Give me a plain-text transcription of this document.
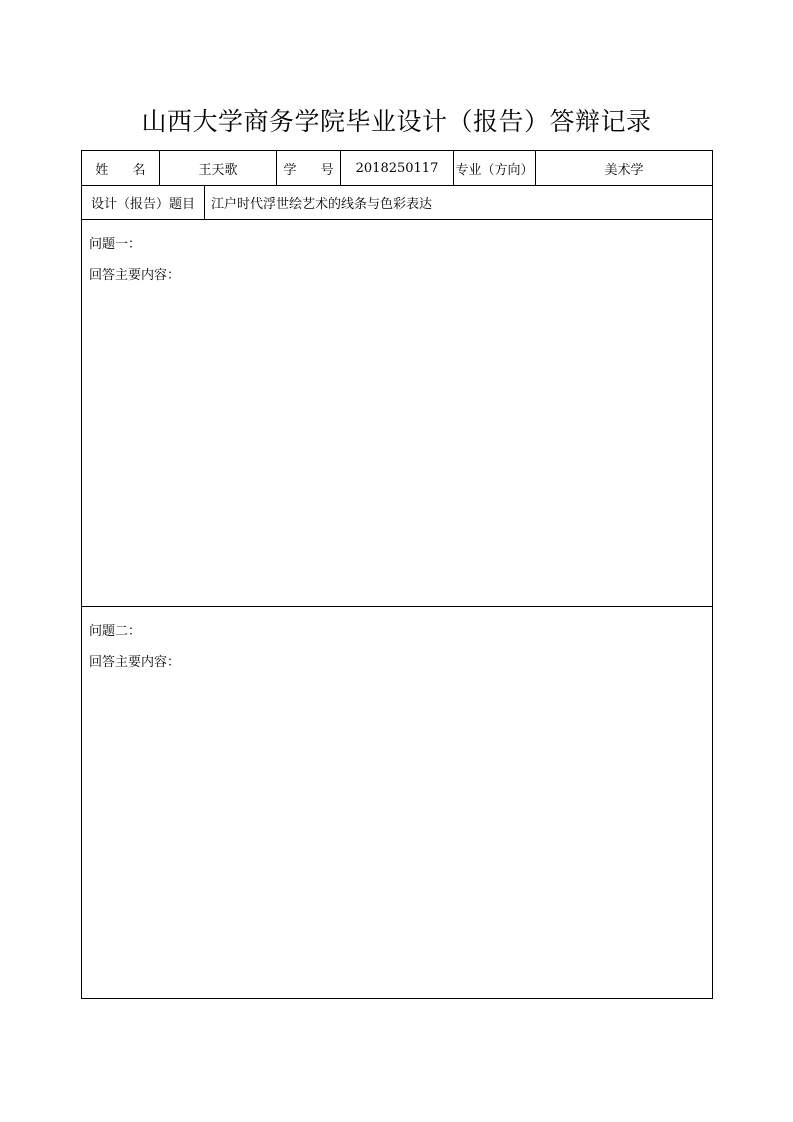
山西大学商务学院毕业设计（报告）答辩记录
姓 名	王天歌	学 号 2018250117	专业（方向）	美术学
设计（报告）题目	江户时代浮世绘艺术的线条与色彩表达
问题一：
回答主要内容：
问题二：
回答主要内容：
